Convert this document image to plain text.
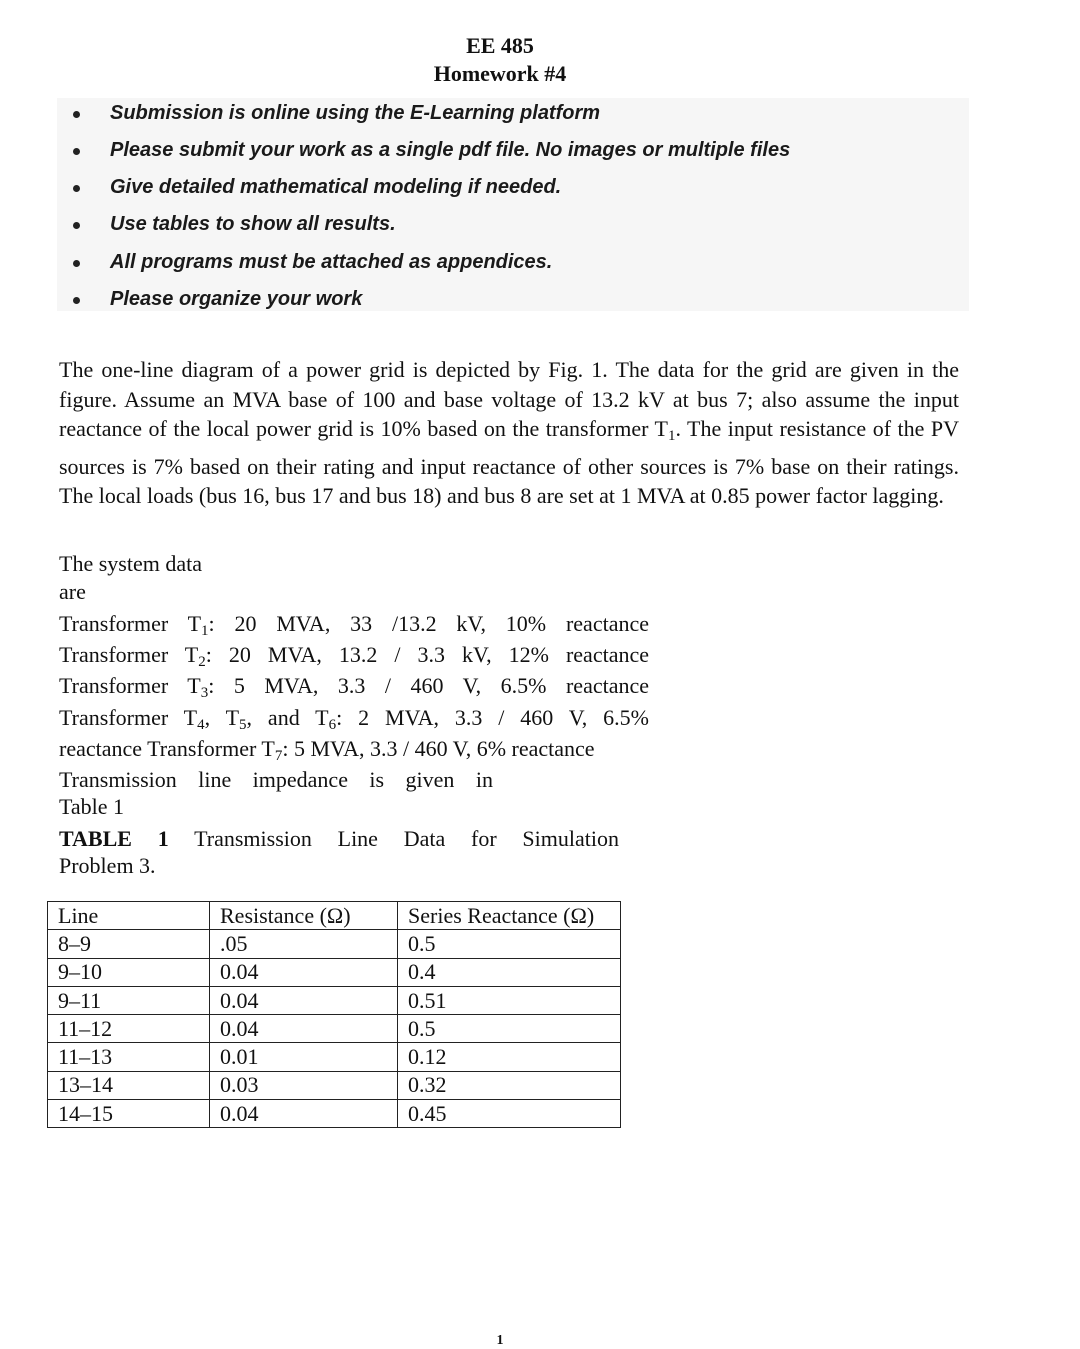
EE 485
Homework #4
Submission is online using the E-Learning platform
Please submit your work as a single pdf file. No images or multiple files
Give detailed mathematical modeling if needed.
Use tables to show all results.
All programs must be attached as appendices.
Please organize your work

The one-line diagram of a power grid is depicted by Fig. 1. The data for the grid are given in the figure. Assume an MVA base of 100 and base voltage of 13.2 kV at bus 7; also assume the input reactance of the local power grid is 10% based on the transformer $T_1$. The input resistance of the PV sources is 7% based on their rating and input reactance of other sources is 7% base on their ratings. The local loads (bus 16, bus 17 and bus 18) and bus 8 are set at 1 MVA at 0.85 power factor lagging.

The system data

are

Transformer $T_1$: 20 MVA, 33 /13.2 kV, 10% reactance

Transformer $T_2$: 20 MVA, 13.2 / 3.3 kV, 12% reactance

Transformer $T_3$: 5 MVA, 3.3 / 460 V, 6.5% reactance

Transformer $T_4$, $T_5$, and $T_6$: 2 MVA, 3.3 / 460 V, 6.5%

reactance Transformer $T_7$: 5 MVA, 3.3 / 460 V, 6% reactance

Transmission line impedance is given in

Table 1

TABLE 1 Transmission Line Data for Simulation

Problem 3.

Line	Resistance (Ω)	Series Reactance (Ω)
8–9	.05	0.5
9–10	0.04	0.4
9–11	0.04	0.51
11–12	0.04	0.5
11–13	0.01	0.12
13–14	0.03	0.32
14–15	0.04	0.45
1
